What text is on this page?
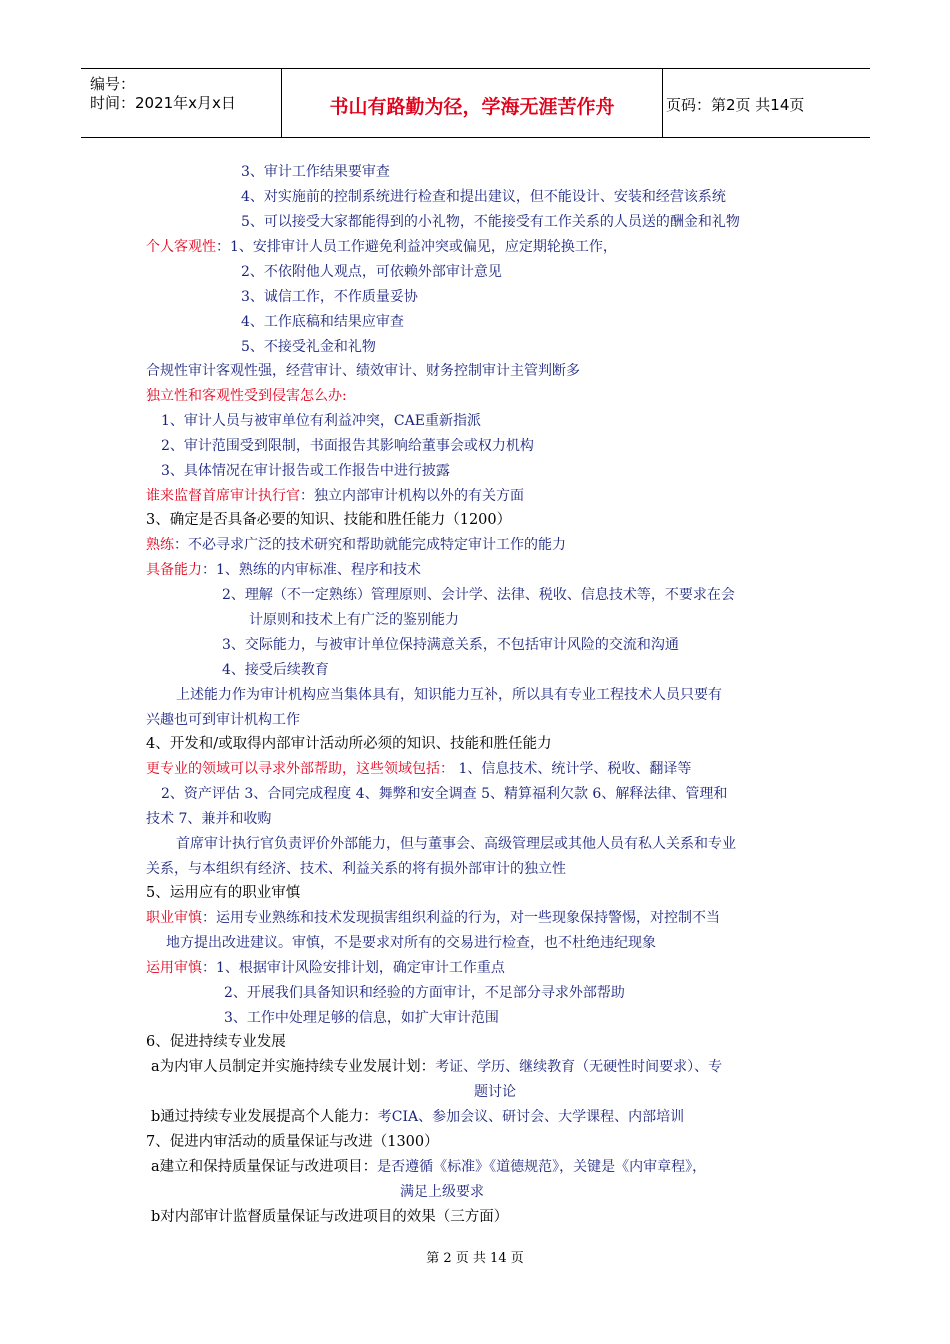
编号：
时间：2021年x月x日	书山有路勤为径，学海无涯苦作舟	页码：第2页 共14页
3、审计工作结果要审查
4、对实施前的控制系统进行检查和提出建议，但不能设计、安装和经营该系统
5、可以接受大家都能得到的小礼物，不能接受有工作关系的人员送的酬金和礼物
个人客观性：1、安排审计人员工作避免利益冲突或偏见，应定期轮换工作，
2、不依附他人观点，可依赖外部审计意见
3、诚信工作，不作质量妥协
4、工作底稿和结果应审查
5、不接受礼金和礼物
合规性审计客观性强，经营审计、绩效审计、财务控制审计主管判断多
独立性和客观性受到侵害怎么办:
1、审计人员与被审单位有利益冲突，CAE重新指派
2、审计范围受到限制，书面报告其影响给董事会或权力机构
3、具体情况在审计报告或工作报告中进行披露
谁来监督首席审计执行官：独立内部审计机构以外的有关方面
3、确定是否具备必要的知识、技能和胜任能力（1200）
熟练：不必寻求广泛的技术研究和帮助就能完成特定审计工作的能力
具备能力：1、熟练的内审标准、程序和技术
2、理解（不一定熟练）管理原则、会计学、法律、税收、信息技术等，不要求在会
计原则和技术上有广泛的鉴别能力
3、交际能力，与被审计单位保持满意关系，不包括审计风险的交流和沟通
4、接受后续教育
上述能力作为审计机构应当集体具有，知识能力互补，所以具有专业工程技术人员只要有
兴趣也可到审计机构工作
4、开发和/或取得内部审计活动所必须的知识、技能和胜任能力
更专业的领域可以寻求外部帮助，这些领域包括： 1、信息技术、统计学、税收、翻译等
2、资产评估 3、合同完成程度 4、舞弊和安全调查 5、精算福利欠款 6、解释法律、管理和
技术 7、兼并和收购
首席审计执行官负责评价外部能力，但与董事会、高级管理层或其他人员有私人关系和专业
关系，与本组织有经济、技术、利益关系的将有损外部审计的独立性
5、运用应有的职业审慎
职业审慎：运用专业熟练和技术发现损害组织利益的行为，对一些现象保持警惕，对控制不当
地方提出改进建议。审慎，不是要求对所有的交易进行检查，也不杜绝违纪现象
运用审慎：1、根据审计风险安排计划，确定审计工作重点
2、开展我们具备知识和经验的方面审计，不足部分寻求外部帮助
3、工作中处理足够的信息，如扩大审计范围
6、促进持续专业发展
a为内审人员制定并实施持续专业发展计划：考证、学历、继续教育（无硬性时间要求）、专
题讨论
b通过持续专业发展提高个人能力：考CIA、参加会议、研讨会、大学课程、内部培训
7、促进内审活动的质量保证与改进（1300）
a建立和保持质量保证与改进项目：是否遵循《标准》《道德规范》，关键是《内审章程》，
满足上级要求
b对内部审计监督质量保证与改进项目的效果（三方面）
第 2 页 共 14 页
